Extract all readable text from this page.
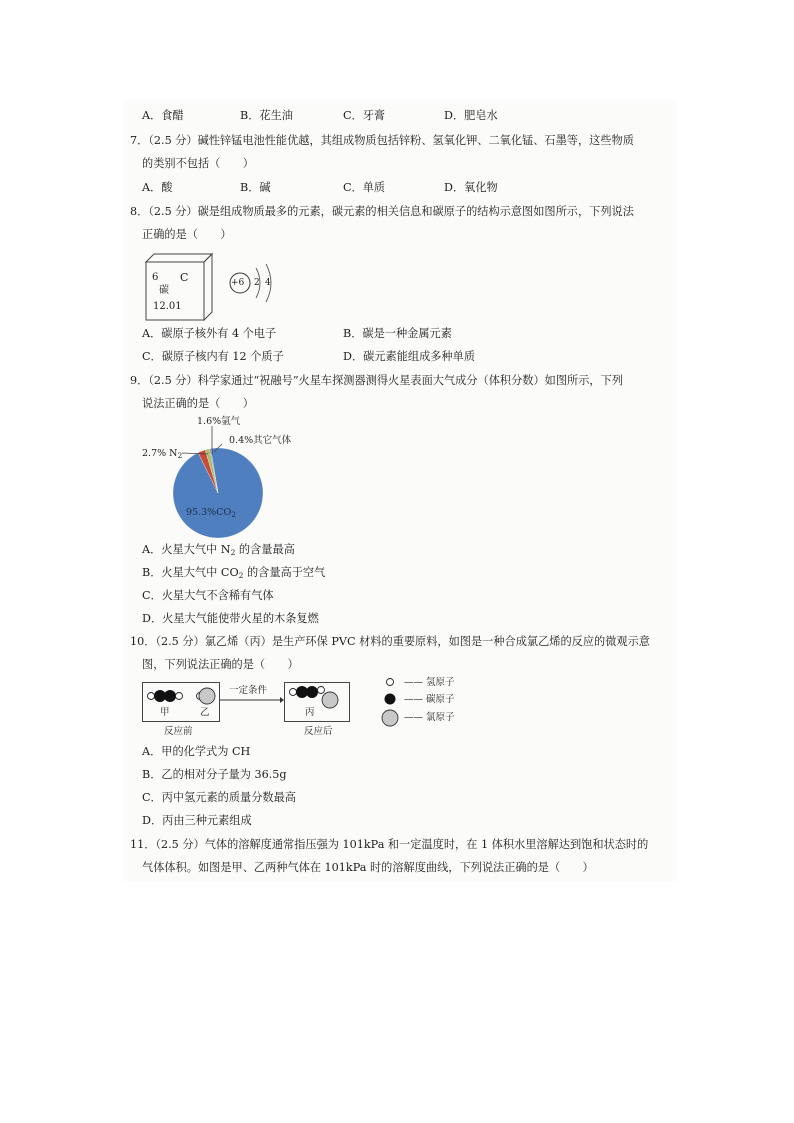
A．食醋	B．花生油	C．牙膏	D．肥皂水
7．（2.5 分）碱性锌锰电池性能优越，其组成物质包括锌粉、氢氧化钾、二氧化锰、石墨等，这些物质
的类别不包括（　　）
A．酸	B．碱	C．单质	D．氧化物
8．（2.5 分）碳是组成物质最多的元素，碳元素的相关信息和碳原子的结构示意图如图所示，下列说法
正确的是（　　）
6 C
碳
12.01
+6 2 4
A．碳原子核外有 4 个电子	B．碳是一种金属元素
C．碳原子核内有 12 个质子	D．碳元素能组成多种单质
9．（2.5 分）科学家通过“祝融号”火星车探测器测得火星表面大气成分（体积分数）如图所示，下列
说法正确的是（　　）
1.6%氩气
0.4%其它气体
2.7% $N_2$
$95.3\%CO_2$
A．火星大气中 $N_2$ 的含量最高
B．火星大气中 $CO_2$ 的含量高于空气
C．火星大气不含稀有气体
D．火星大气能使带火星的木条复燃
10．（2.5 分）氯乙烯（丙）是生产环保 PVC 材料的重要原料，如图是一种合成氯乙烯的反应的微观示意
图，下列说法正确的是（　　）
甲	乙
反应前
一定条件
丙
反应后
—— 氢原子
—— 碳原子
—— 氯原子
A．甲的化学式为 CH
B．乙的相对分子量为 36.5g
C．丙中氢元素的质量分数最高
D．丙由三种元素组成
11．（2.5 分）气体的溶解度通常指压强为 101kPa 和一定温度时，在 1 体积水里溶解达到饱和状态时的
气体体积。如图是甲、乙两种气体在 101kPa 时的溶解度曲线，下列说法正确的是（　　）
